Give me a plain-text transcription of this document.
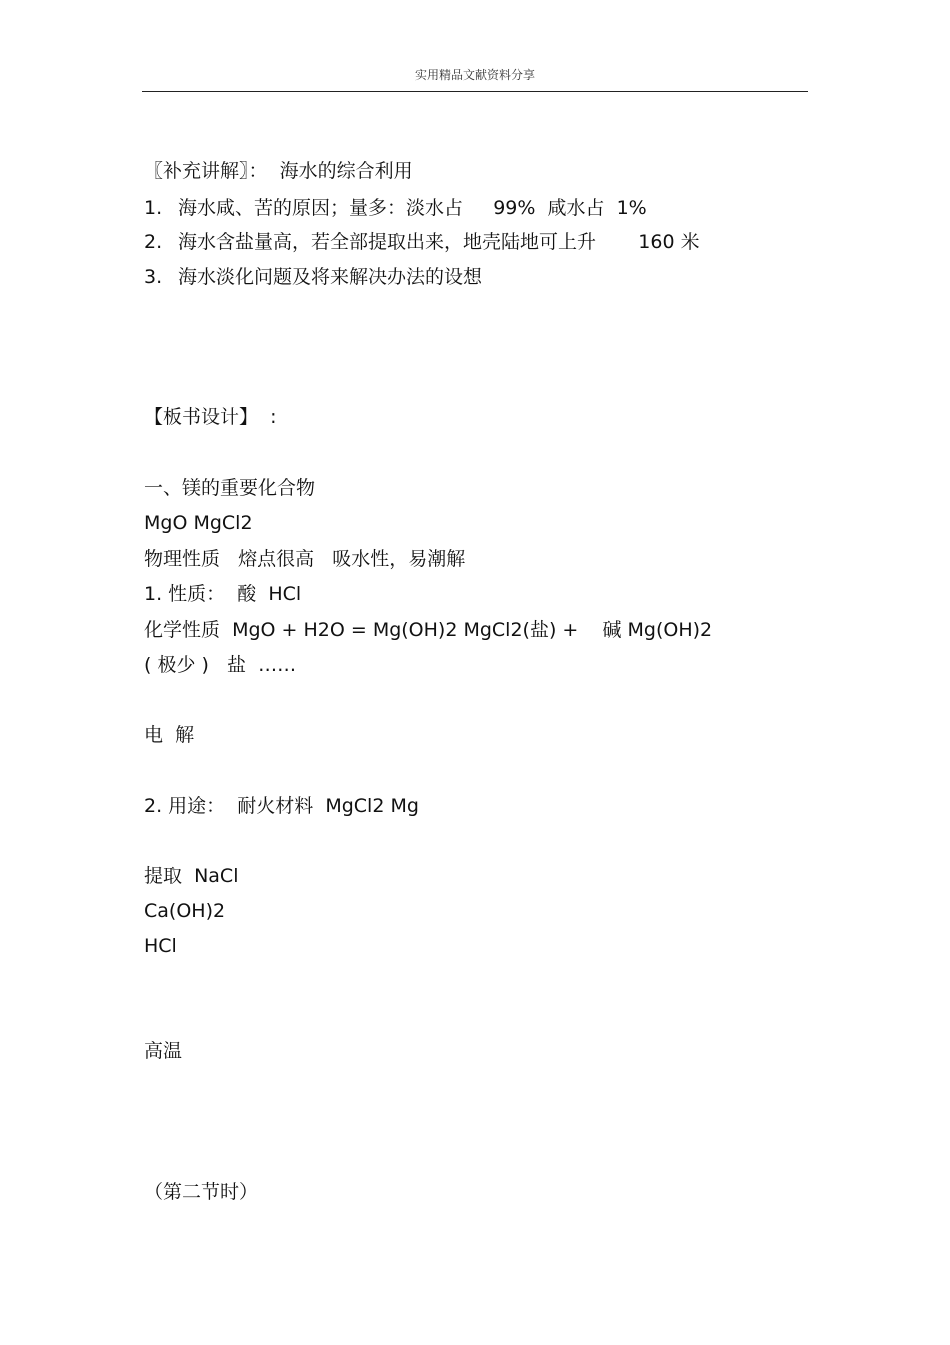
实用精品文献资料分享
〖补充讲解〗：  海水的综合利用
1. 海水咸、苦的原因；量多：淡水占     99%  咸水占  1%
2. 海水含盐量高，若全部提取出来，地壳陆地可上升       160 米
3. 海水淡化问题及将来解决办法的设想
【板书设计】  :
一、镁的重要化合物
MgO MgCl2
物理性质   熔点很高   吸水性，易潮解
1. 性质：  酸  HCl
化学性质  MgO + H2O = Mg(OH)2 MgCl2(盐) +    碱 Mg(OH)2
( 极少 )   盐  ……
电  解
2. 用途：  耐火材料  MgCl2 Mg
提取  NaCl
Ca(OH)2
HCl
高温
（第二节时）
